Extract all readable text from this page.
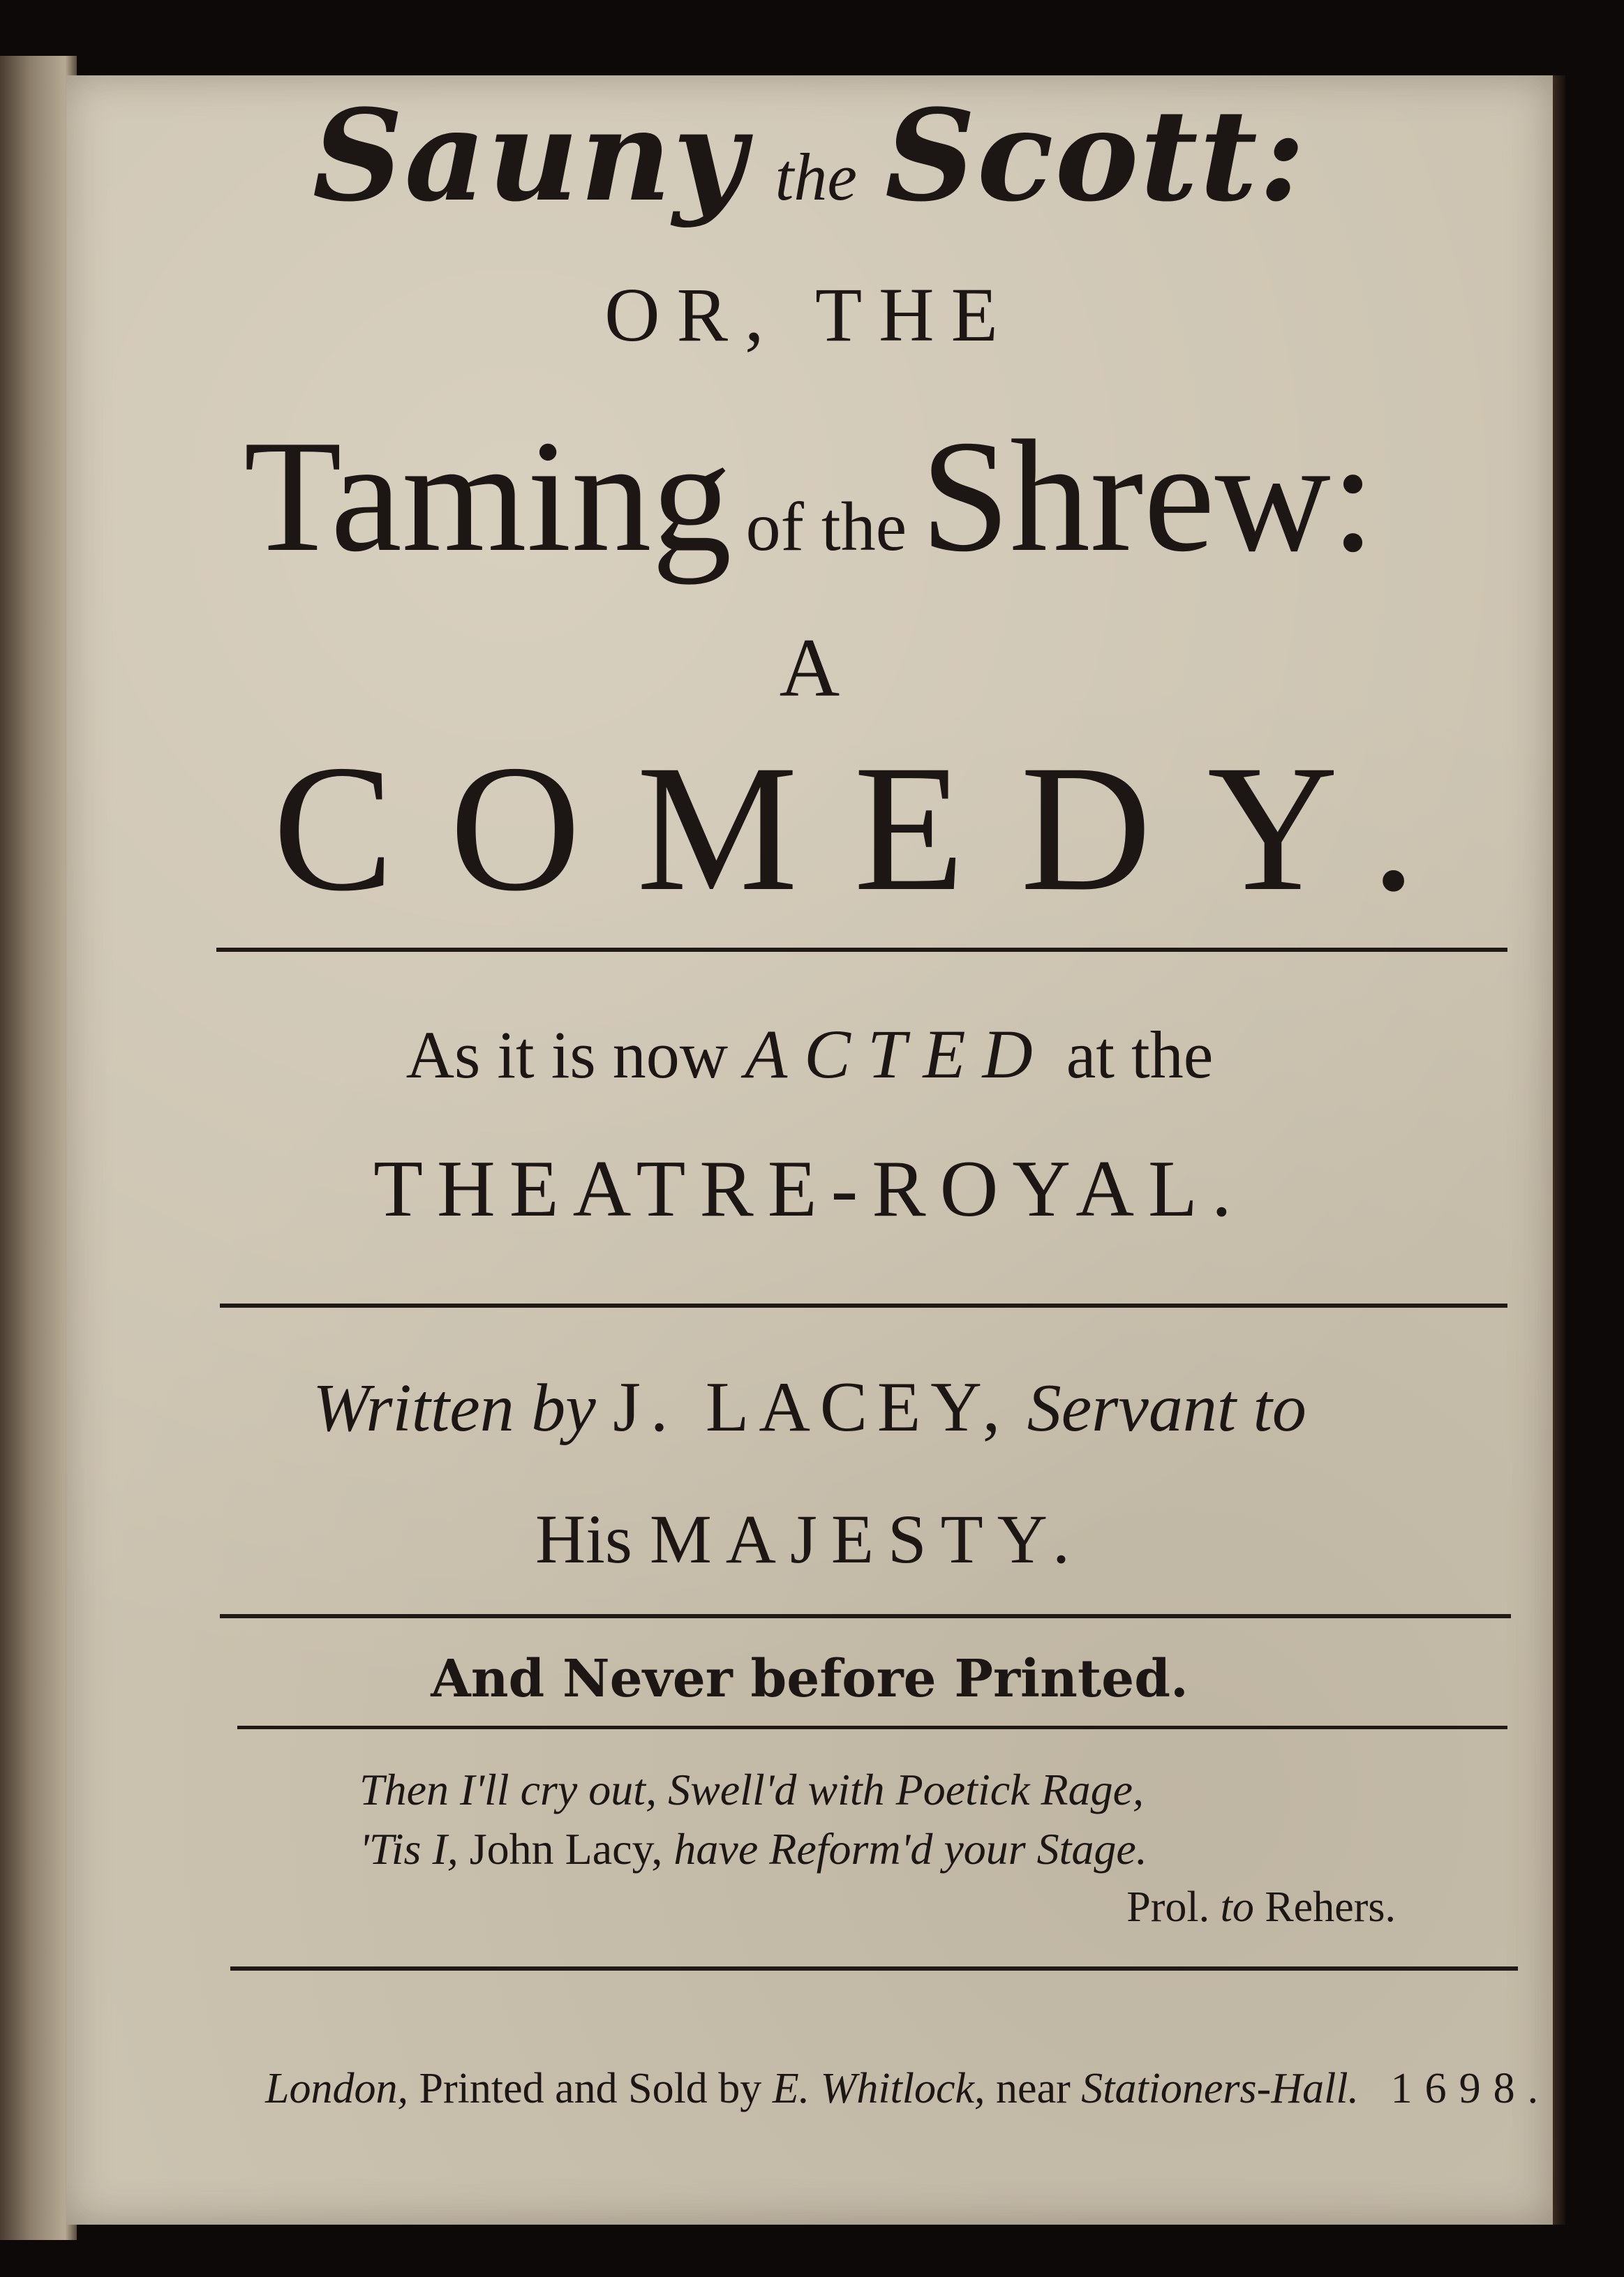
Sauny the Scott:
OR, THE
Taming of theShrew:
A
COMEDY.
As it is now ACTED at the
THEATRE-ROYAL.
Written by J. LACEY, Servant to
His MAJESTY.
And Never before Printed.
Then I'll cry out, Swell'd with Poetick Rage,
'Tis I, John Lacy, have Reform'd your Stage.
Prol. to Rehers.
London, Printed and Sold by E. Whitlock, near Stationers-Hall. 1698.
